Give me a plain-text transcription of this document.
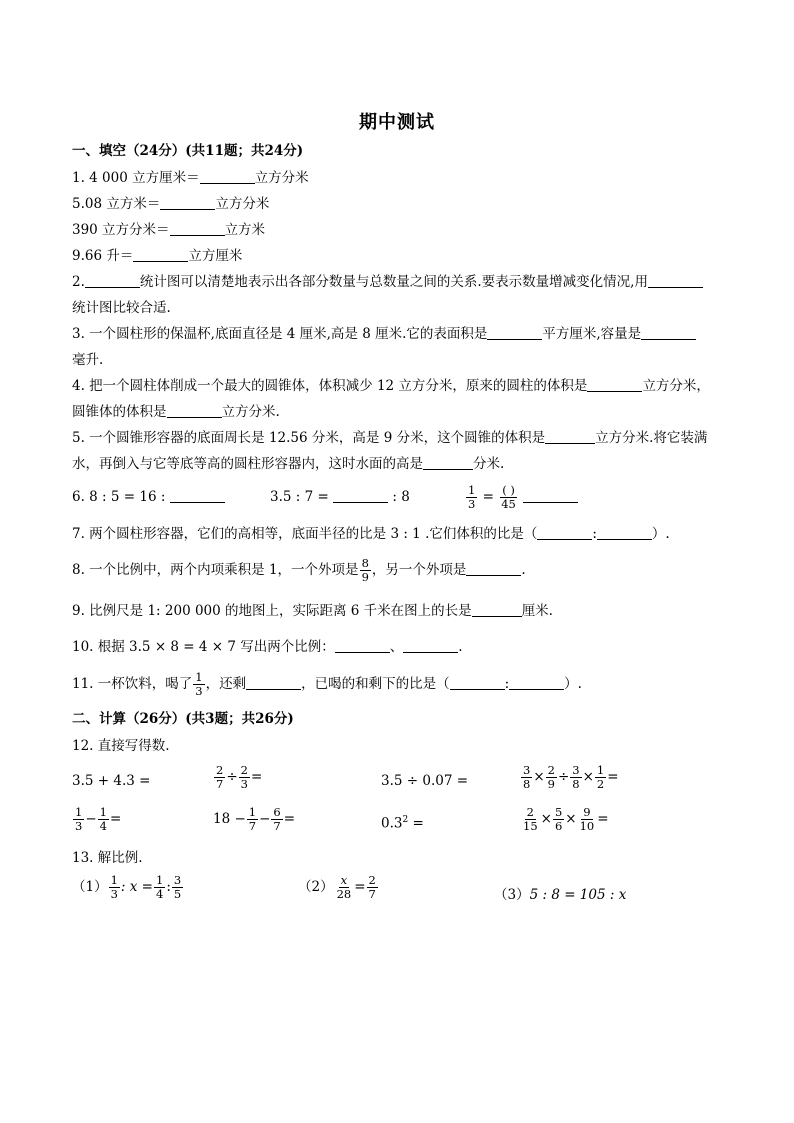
期中测试
一、填空（24分）(共11题；共24分)
1. 4 000 立方厘米＝	立方分米
5.08 立方米＝	立方分米
390 立方分米＝	立方米
9.66 升＝	立方厘米
2.	统计图可以清楚地表示出各部分数量与总数量之间的关系.要表示数量增减变化情况,用
统计图比较合适.
3. 一个圆柱形的保温杯,底面直径是 4 厘米,高是 8 厘米.它的表面积是	平方厘米,容量是
毫升.
4. 把一个圆柱体削成一个最大的圆锥体，体积减少 12 立方分米，原来的圆柱的体积是	立方分米，
圆锥体的体积是	立方分米.
5. 一个圆锥形容器的底面周长是 12.56 分米，高是 9 分米，这个圆锥的体积是	立方分米.将它装满
水，再倒入与它等底等高的圆柱形容器内，这时水面的高是	分米.
6. 8 : 5 = 16 :	3.5 : 7 =	: 8	$\frac{1}{3} = \frac{( )}{45}$

7. 两个圆柱形容器，它们的高相等，底面半径的比是 3 : 1 .它们体积的比是（	:	）.
8. 一个比例中，两个内项乘积是 1，一个外项是 $\frac{8}{9}$ ，另一个外项是	.
9. 比例尺是 1: 200 000 的地图上，实际距离 6 千米在图上的长是	厘米.
10. 根据 3.5 × 8 = 4 × 7 写出两个比例：	、	.
11. 一杯饮料，喝了 $\frac{1}{3}$ ，还剩	，已喝的和剩下的比是（	:	）.
二、计算（26分）(共3题；共26分)
12. 直接写得数.
3.5 + 4.3 =	$\frac{2}{7} \div \frac{2}{3}$ =	3.5 ÷ 0.07 =	$\frac{3}{8} \times \frac{2}{9} \div \frac{3}{8} \times \frac{1}{2}$ =
$\frac{1}{3} - \frac{1}{4}$ =	$18 - \frac{1}{7} - \frac{6}{7}$ =	$0.3^2$ =	$\frac{2}{15} \times \frac{5}{6} \times \frac{9}{10}$ =
13. 解比例.
$(1) \frac{1}{3}$ : $x = \frac{1}{4}$ : $\frac{3}{5}$	$(2) \frac{x}{28} = \frac{2}{7}$	（3）5 : 8 = 105 : x
